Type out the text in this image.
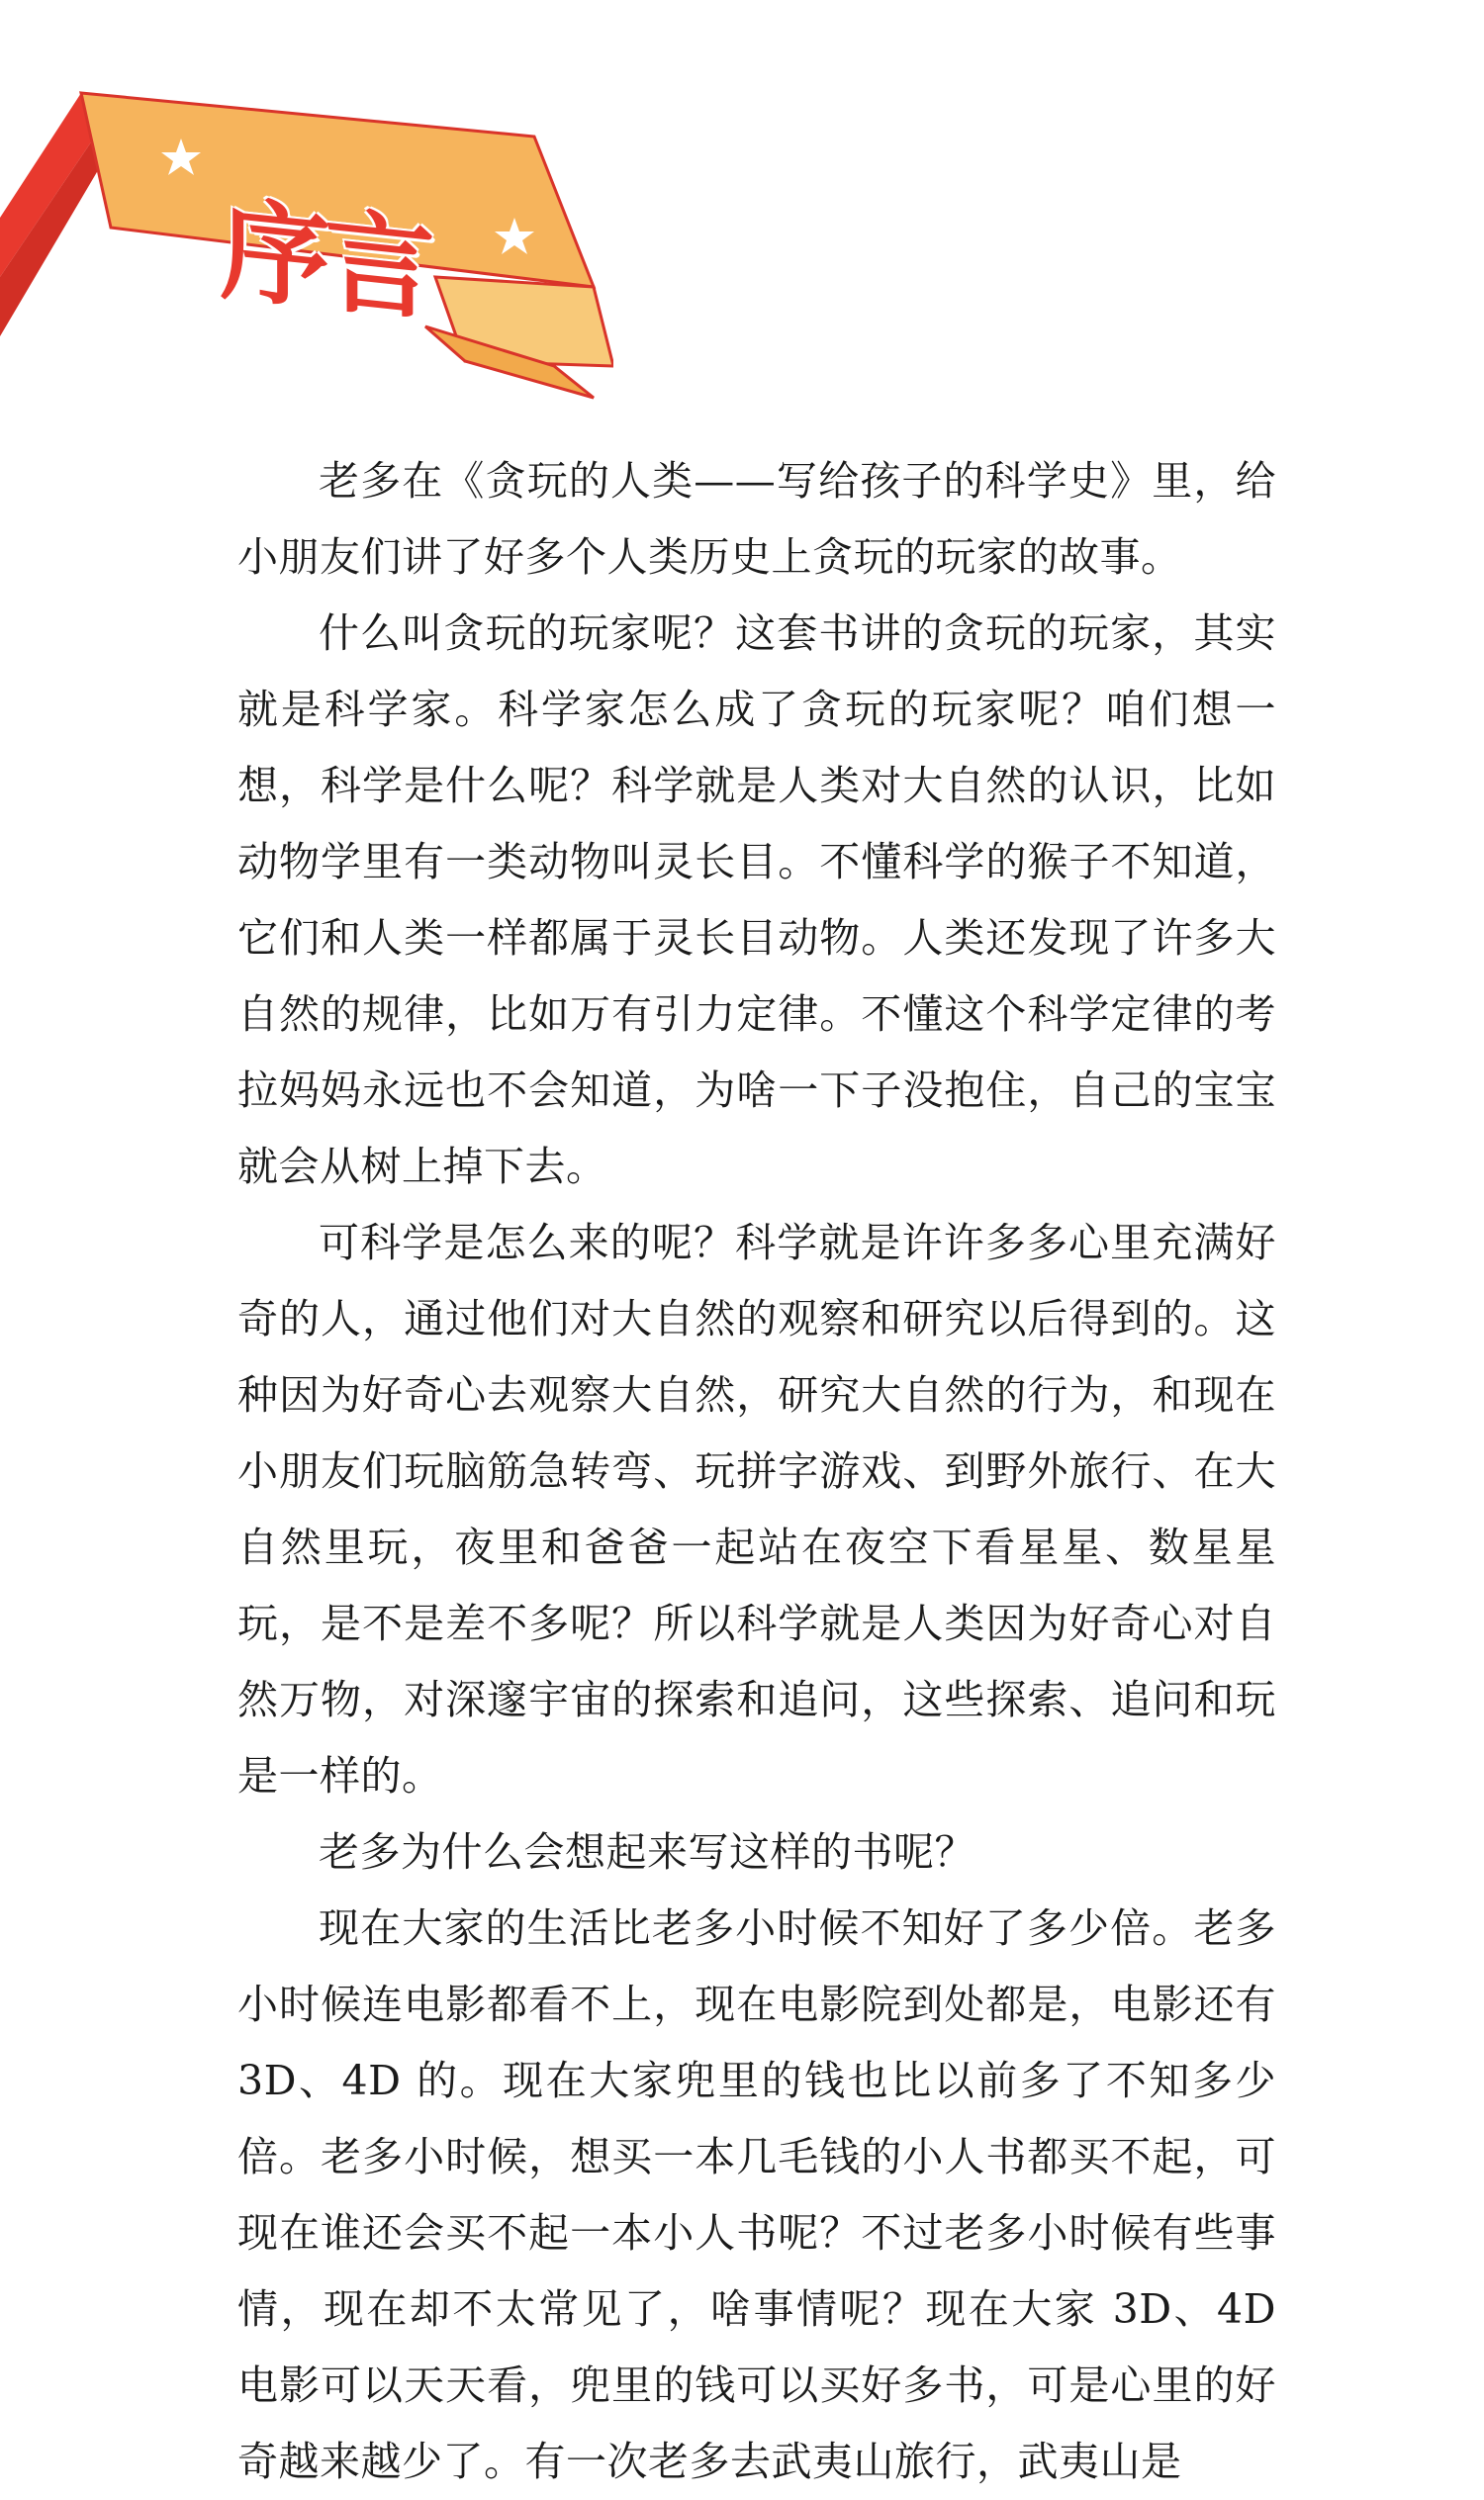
序言

老多在《贪玩的人类——写给孩子的科学史》里，给小朋友们讲了好多个人类历史上贪玩的玩家的故事。

什么叫贪玩的玩家呢？这套书讲的贪玩的玩家，其实就是科学家。科学家怎么成了贪玩的玩家呢？咱们想一想，科学是什么呢？科学就是人类对大自然的认识，比如动物学里有一类动物叫灵长目。不懂科学的猴子不知道，它们和人类一样都属于灵长目动物。人类还发现了许多大自然的规律，比如万有引力定律。不懂这个科学定律的考拉妈妈永远也不会知道，为啥一下子没抱住，自己的宝宝就会从树上掉下去。

可科学是怎么来的呢？科学就是许许多多心里充满好奇的人，通过他们对大自然的观察和研究以后得到的。这种因为好奇心去观察大自然，研究大自然的行为，和现在小朋友们玩脑筋急转弯、玩拼字游戏、到野外旅行、在大自然里玩，夜里和爸爸一起站在夜空下看星星、数星星玩，是不是差不多呢？所以科学就是人类因为好奇心对自然万物，对深邃宇宙的探索和追问，这些探索、追问和玩是一样的。

老多为什么会想起来写这样的书呢？

现在大家的生活比老多小时候不知好了多少倍。老多小时候连电影都看不上，现在电影院到处都是，电影还有 3D、4D 的。现在大家兜里的钱也比以前多了不知多少倍。老多小时候，想买一本几毛钱的小人书都买不起，可现在谁还会买不起一本小人书呢？不过老多小时候有些事情，现在却不太常见了，啥事情呢？现在大家 3D、4D 电影可以天天看，兜里的钱可以买好多书，可是心里的好奇越来越少了。有一次老多去武夷山旅行，武夷山是
